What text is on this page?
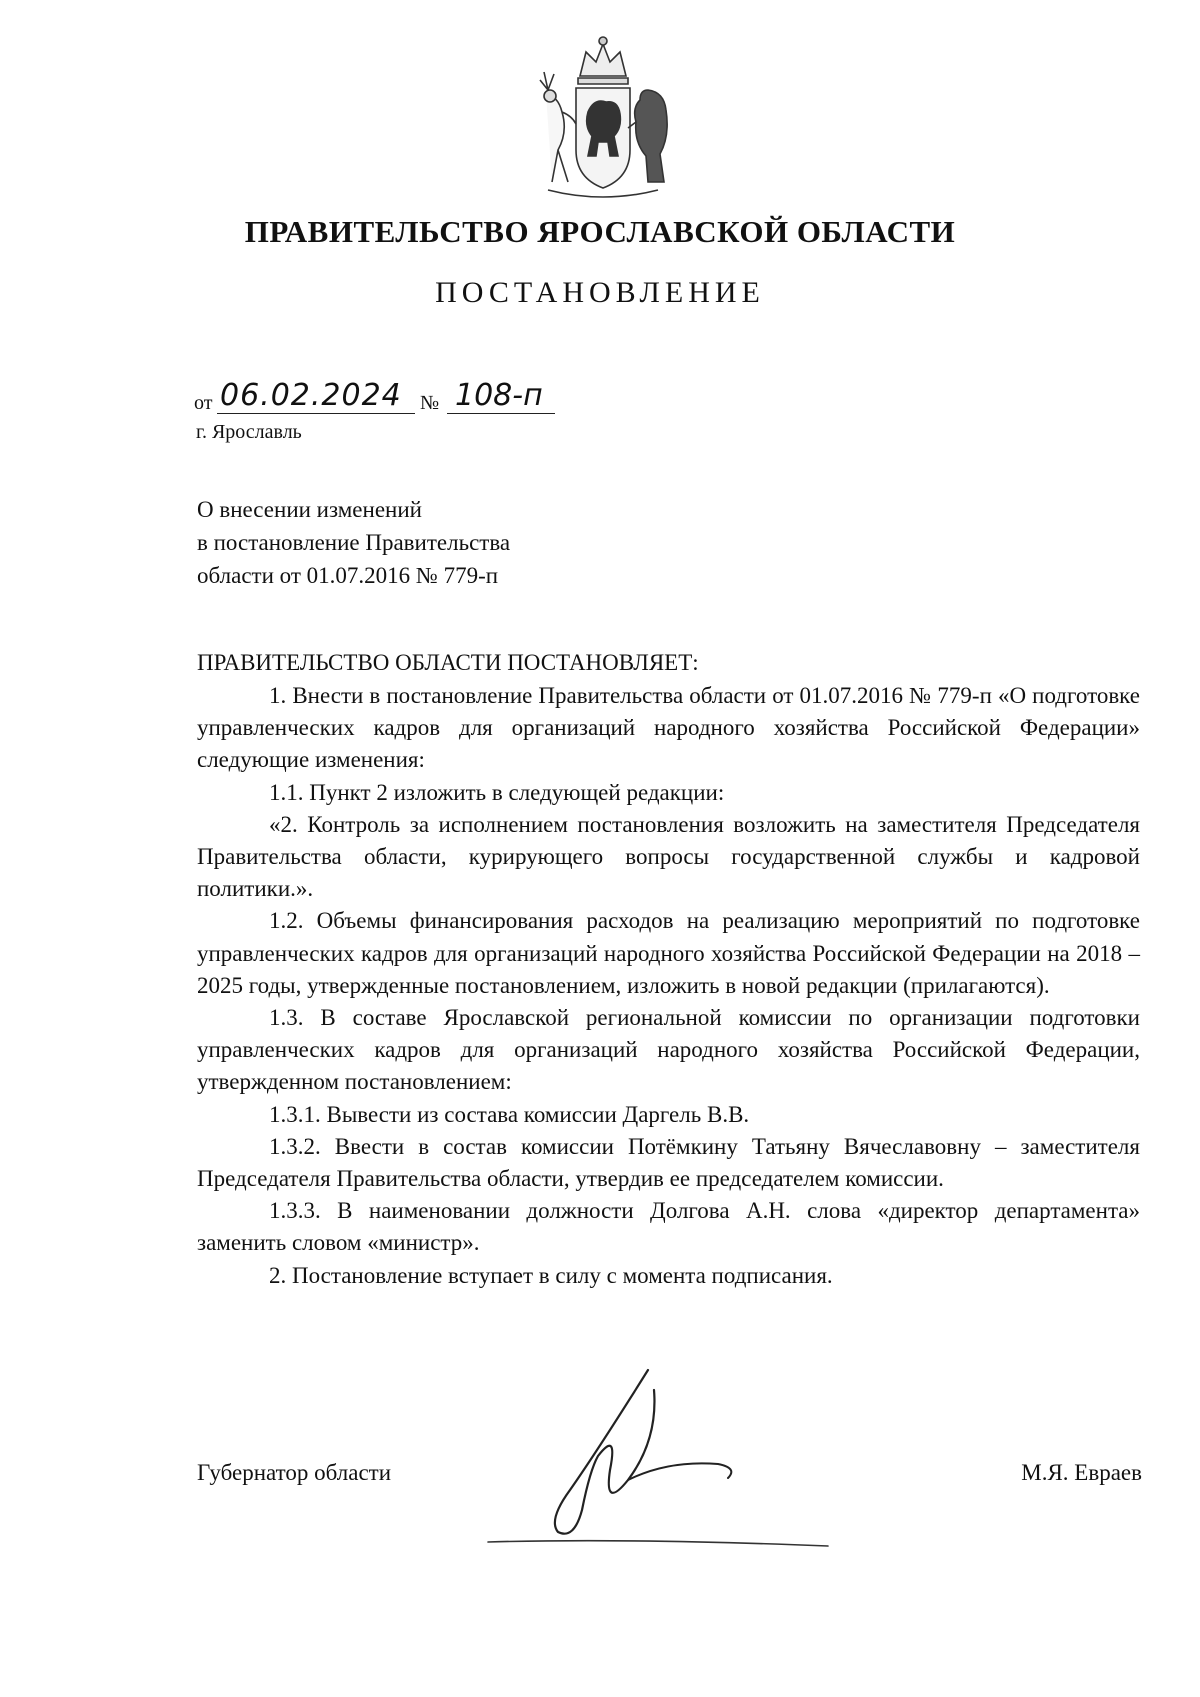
ПРАВИТЕЛЬСТВО ЯРОСЛАВСКОЙ ОБЛАСТИ
ПОСТАНОВЛЕНИЕ
от 06.02.2024 № 108-п
г. Ярославль
О внесении изменений
в постановление Правительства
области от 01.07.2016 № 779-п
ПРАВИТЕЛЬСТВО ОБЛАСТИ ПОСТАНОВЛЯЕТ:

1. Внести в постановление Правительства области от 01.07.2016 № 779-п «О подготовке управленческих кадров для организаций народного хозяйства Российской Федерации» следующие изменения:

1.1. Пункт 2 изложить в следующей редакции:

«2. Контроль за исполнением постановления возложить на заместителя Председателя Правительства области, курирующего вопросы государственной службы и кадровой политики.».

1.2. Объемы финансирования расходов на реализацию мероприятий по подготовке управленческих кадров для организаций народного хозяйства Российской Федерации на 2018 – 2025 годы, утвержденные постановлением, изложить в новой редакции (прилагаются).

1.3. В составе Ярославской региональной комиссии по организации подготовки управленческих кадров для организаций народного хозяйства Российской Федерации, утвержденном постановлением:

1.3.1. Вывести из состава комиссии Даргель В.В.

1.3.2. Ввести в состав комиссии Потёмкину Татьяну Вячеславовну – заместителя Председателя Правительства области, утвердив ее председателем комиссии.

1.3.3. В наименовании должности Долгова А.Н. слова «директор департамента» заменить словом «министр».

2. Постановление вступает в силу с момента подписания.

Губернатор области	М.Я. Евраев
